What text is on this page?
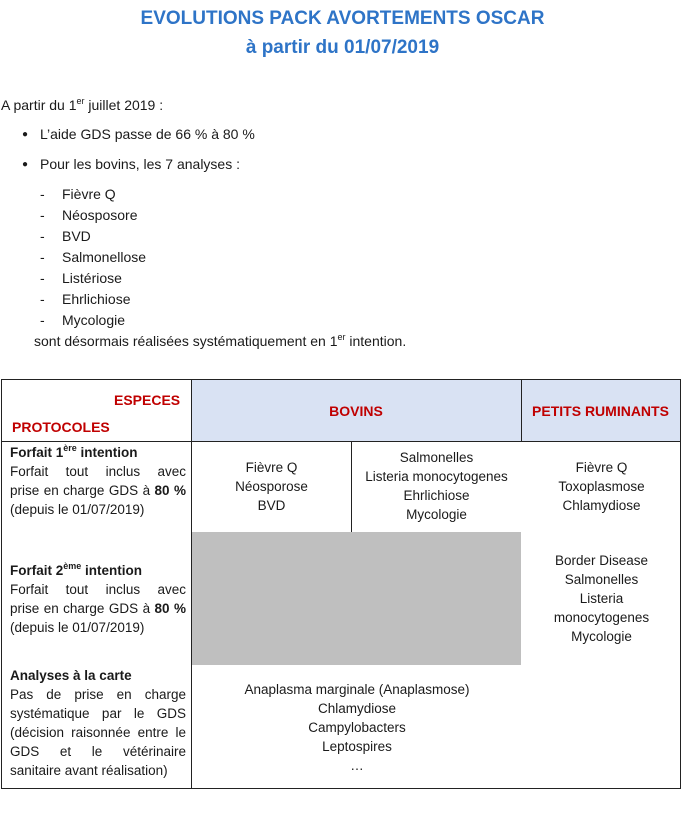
EVOLUTIONS PACK AVORTEMENTS OSCAR
à partir du 01/07/2019
A partir du 1er juillet 2019 :
● L’aide GDS passe de 66 % à 80 %
● Pour les bovins, les 7 analyses :
- Fièvre Q
- Néosposore
- BVD
- Salmonellose
- Listériose
- Ehrlichiose
- Mycologie
sont désormais réalisées systématiquement en 1er intention.
ESPECES
PROTOCOLES
BOVINS	PETITS RUMINANTS
Forfait 1ère intention
Forfait tout inclus avec
prise en charge GDS à 80 %
(depuis le 01/07/2019)
Fièvre Q
Néosporose
BVD
Salmonelles
Listeria monocytogenes
Ehrlichiose
Mycologie
Fièvre Q
Toxoplasmose
Chlamydiose
Forfait 2ème intention
Forfait tout inclus avec
prise en charge GDS à 80 %
(depuis le 01/07/2019)
Border Disease
Salmonelles
Listeria
monocytogenes
Mycologie
Analyses à la carte
Pas de prise en charge
systématique par le GDS
(décision raisonnée entre le
GDS et le vétérinaire
sanitaire avant réalisation)
Anaplasma marginale (Anaplasmose)
Chlamydiose
Campylobacters
Leptospires
…
